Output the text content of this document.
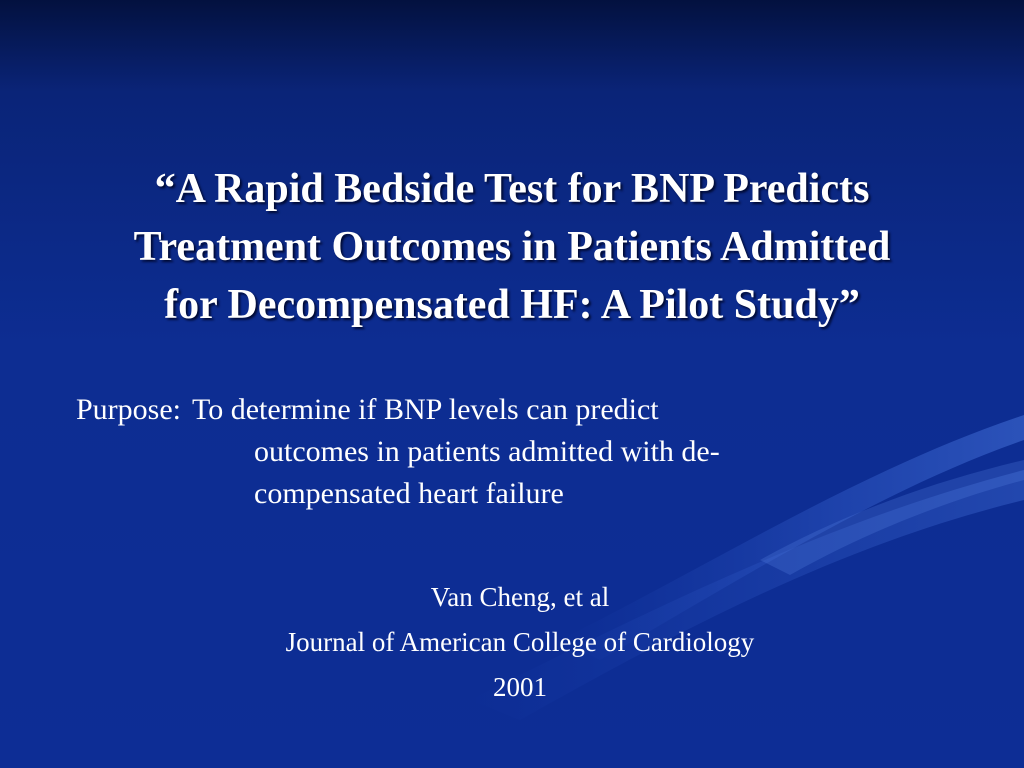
“A Rapid Bedside Test for BNP Predicts
Treatment Outcomes in Patients Admitted
for Decompensated HF: A Pilot Study”
Purpose: To determine if BNP levels can predict
outcomes in patients admitted with de-
compensated heart failure
Van Cheng, et al
Journal of American College of Cardiology
2001
